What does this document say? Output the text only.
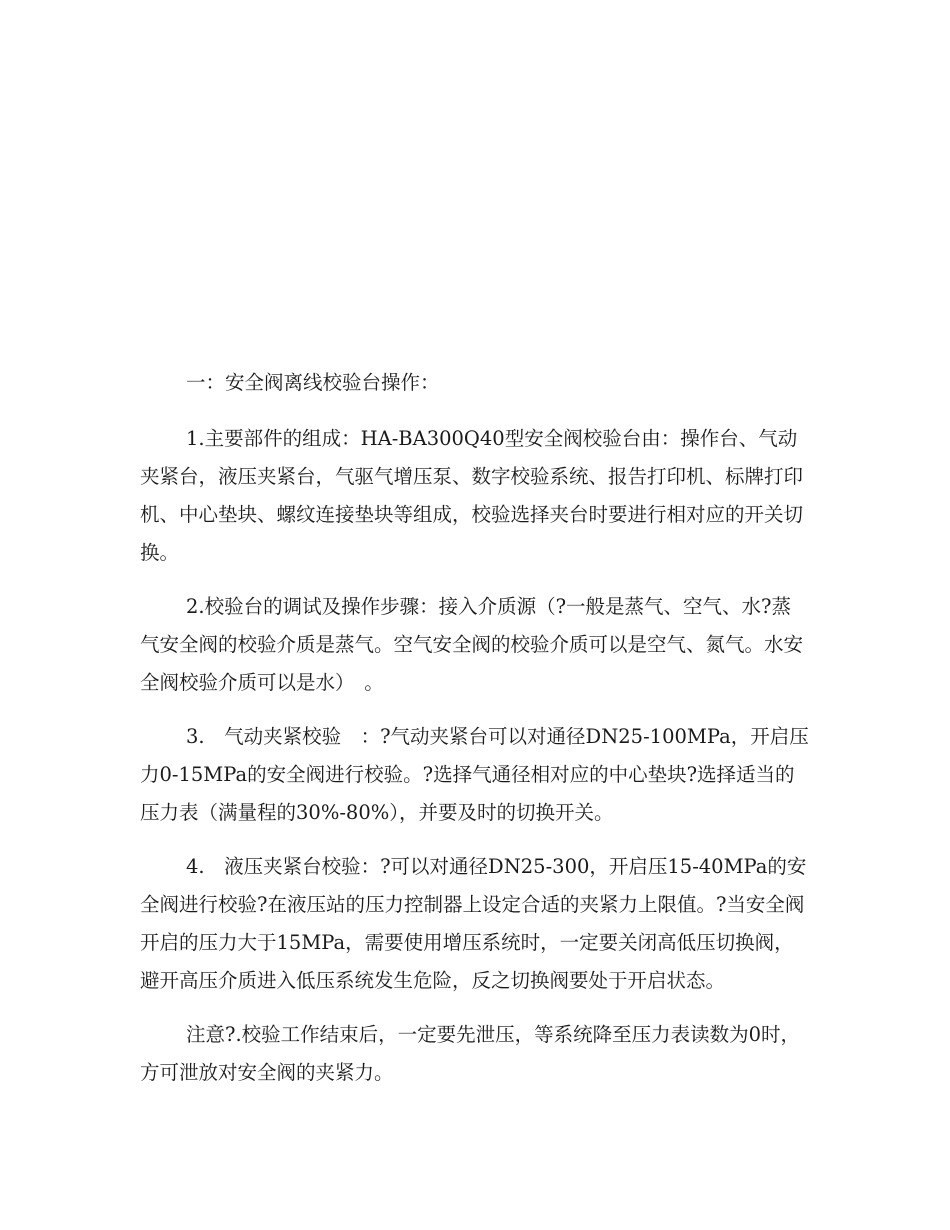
一：安全阀离线校验台操作：

1.主要部件的组成：HA-BA300Q40型安全阀校验台由：操作台、气动夹紧台，液压夹紧台，气驱气增压泵、数字校验系统、报告打印机、标牌打印机、中心垫块、螺纹连接垫块等组成，校验选择夹台时要进行相对应的开关切换。

2.校验台的调试及操作步骤：接入介质源（?一般是蒸气、空气、水?蒸气安全阀的校验介质是蒸气。空气安全阀的校验介质可以是空气、氮气。水安全阀校验介质可以是水）　。

3.　气动夹紧校验　：?气动夹紧台可以对通径DN25-100MPa，开启压力0-15MPa的安全阀进行校验。?选择气通径相对应的中心垫块?选择适当的压力表（满量程的30%-80%），并要及时的切换开关。

4.　液压夹紧台校验：?可以对通径DN25-300，开启压15-40MPa的安全阀进行校验?在液压站的压力控制器上设定合适的夹紧力上限值。?当安全阀开启的压力大于15MPa，需要使用增压系统时，一定要关闭高低压切换阀，避开高压介质进入低压系统发生危险，反之切换阀要处于开启状态。

注意?.校验工作结束后，一定要先泄压，等系统降至压力表读数为0时，方可泄放对安全阀的夹紧力。
